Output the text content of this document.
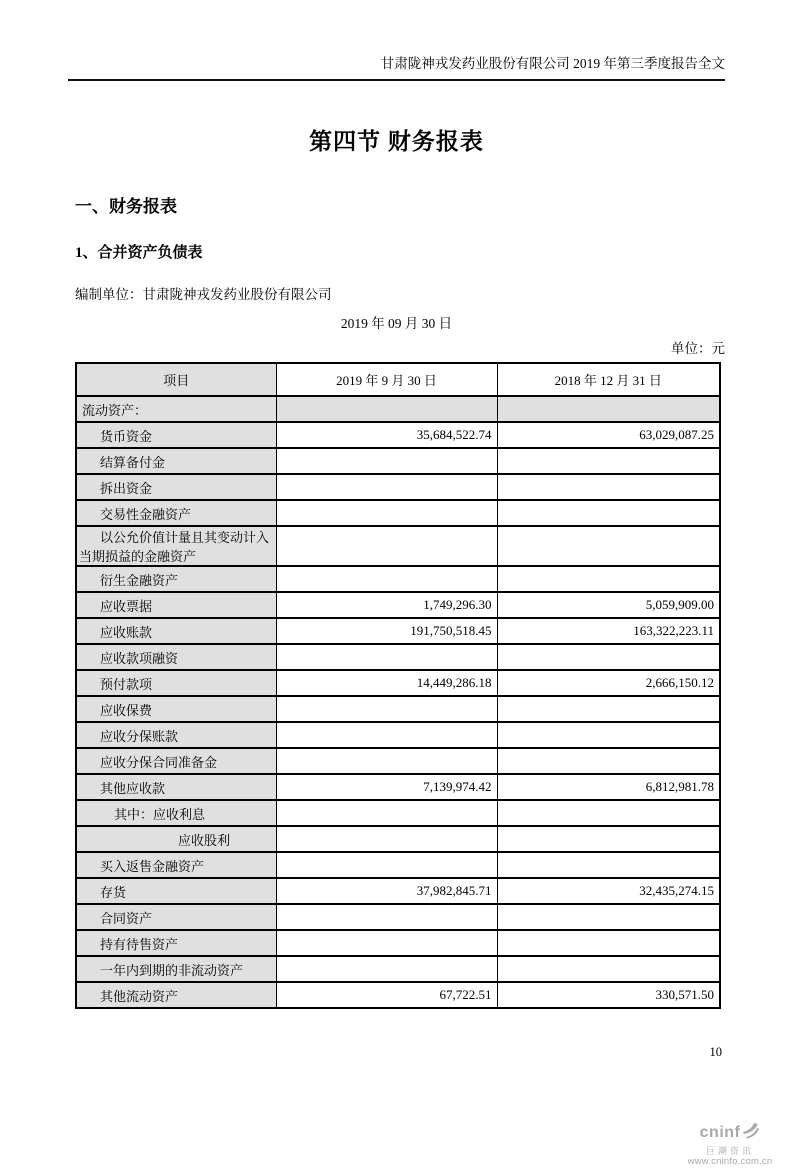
甘肃陇神戎发药业股份有限公司 2019 年第三季度报告全文
第四节 财务报表
一、财务报表
1、合并资产负债表
编制单位：甘肃陇神戎发药业股份有限公司
2019 年 09 月 30 日
单位：元
项目	2019 年 9 月 30 日	2018 年 12 月 31 日
流动资产：		
货币资金	35,684,522.74	63,029,087.25
结算备付金		
拆出资金		
交易性金融资产		
以公允价值计量且其变动计入当期损益的金融资产		
衍生金融资产		
应收票据	1,749,296.30	5,059,909.00
应收账款	191,750,518.45	163,322,223.11
应收款项融资		
预付款项	14,449,286.18	2,666,150.12
应收保费		
应收分保账款		
应收分保合同准备金		
其他应收款	7,139,974.42	6,812,981.78
其中：应收利息		
应收股利		
买入返售金融资产		
存货	37,982,845.71	32,435,274.15
合同资产		
持有待售资产		
一年内到期的非流动资产		
其他流动资产	67,722.51	330,571.50
10
cninf
巨潮资讯
www.cninfo.com.cn
